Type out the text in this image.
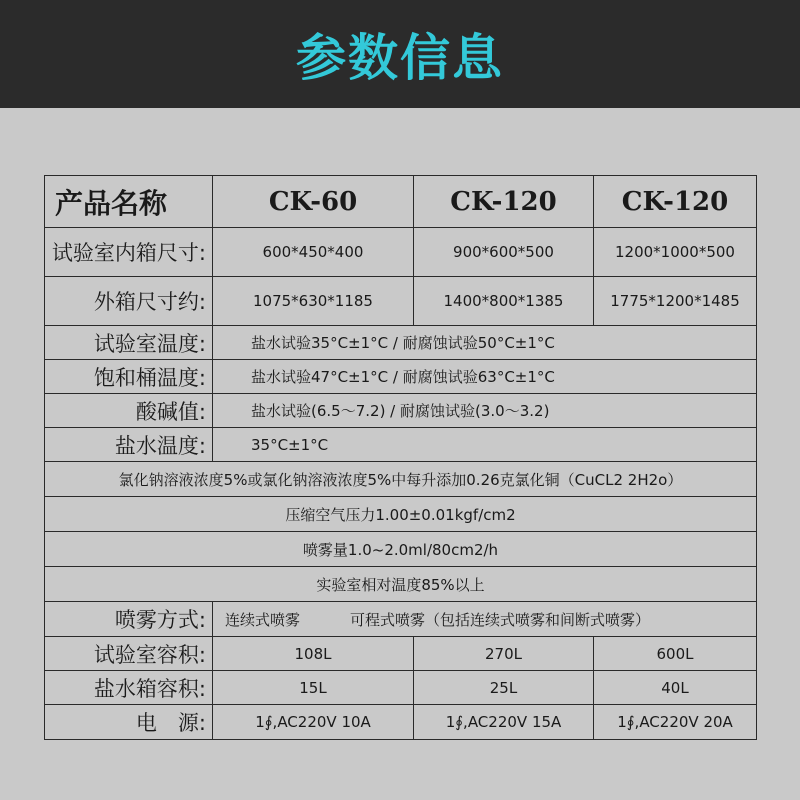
参数信息
产品名称	CK-60	CK-120	CK-120
试验室内箱尺寸:	600*450*400	900*600*500	1200*1000*500
外箱尺寸约:	1075*630*1185	1400*800*1385	1775*1200*1485
试验室温度:	盐水试验35°C±1°C / 耐腐蚀试验50°C±1°C		
饱和桶温度:	盐水试验47°C±1°C / 耐腐蚀试验63°C±1°C		
酸碱值:	盐水试验(6.5～7.2) / 耐腐蚀试验(3.0～3.2)		
盐水温度:	35°C±1°C		
氯化钠溶液浓度5%或氯化钠溶液浓度5%中每升添加0.26克氯化铜（CuCL2 2H2o）			
压缩空气压力1.00±0.01kgf/cm2			
喷雾量1.0~2.0ml/80cm2/h			
实验室相对温度85%以上			
喷雾方式:	连续式喷雾 可程式喷雾（包括连续式喷雾和间断式喷雾）		
试验室容积:	108L	270L	600L
盐水箱容积:	15L	25L	40L
电　源:	1∮,AC220V 10A	1∮,AC220V 15A	1∮,AC220V 20A
